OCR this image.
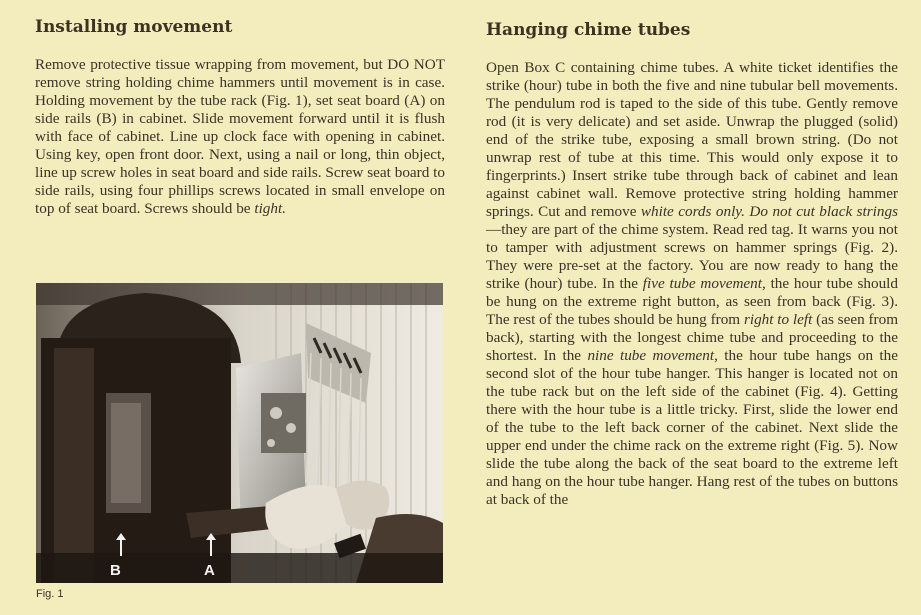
Installing movement

Remove protective tissue wrapping from movement, but DO NOT remove string holding chime hammers until movement is in case. Holding movement by the tube rack (Fig. 1), set seat board (A) on side rails (B) in cabinet. Slide movement forward until it is flush with face of cabinet. Line up clock face with opening in cabinet. Using key, open front door. Next, using a nail or long, thin object, line up screw holes in seat board and side rails. Screw seat board to side rails, using four phillips screws located in small envelope on top of seat board. Screws should be tight.

B	A
Fig. 1
Hanging chime tubes

Open Box C containing chime tubes. A white ticket identifies the strike (hour) tube in both the five and nine tubular bell movements. The pendulum rod is taped to the side of this tube. Gently remove rod (it is very delicate) and set aside. Unwrap the plugged (solid) end of the strike tube, exposing a small brown string. (Do not unwrap rest of tube at this time. This would only expose it to fingerprints.) Insert strike tube through back of cabinet and lean against cabinet wall. Remove protective string holding hammer springs. Cut and remove white cords only. Do not cut black strings—they are part of the chime system. Read red tag. It warns you not to tamper with adjustment screws on hammer springs (Fig. 2). They were pre-set at the factory. You are now ready to hang the strike (hour) tube. In the five tube movement, the hour tube should be hung on the extreme right button, as seen from back (Fig. 3). The rest of the tubes should be hung from right to left (as seen from back), starting with the longest chime tube and proceeding to the shortest. In the nine tube movement, the hour tube hangs on the second slot of the hour tube hanger. This hanger is located not on the tube rack but on the left side of the cabinet (Fig. 4). Getting there with the hour tube is a little tricky. First, slide the lower end of the tube to the left back corner of the cabinet. Next slide the upper end under the chime rack on the extreme right (Fig. 5). Now slide the tube along the back of the seat board to the extreme left and hang on the hour tube hanger. Hang rest of the tubes on buttons at back of the
